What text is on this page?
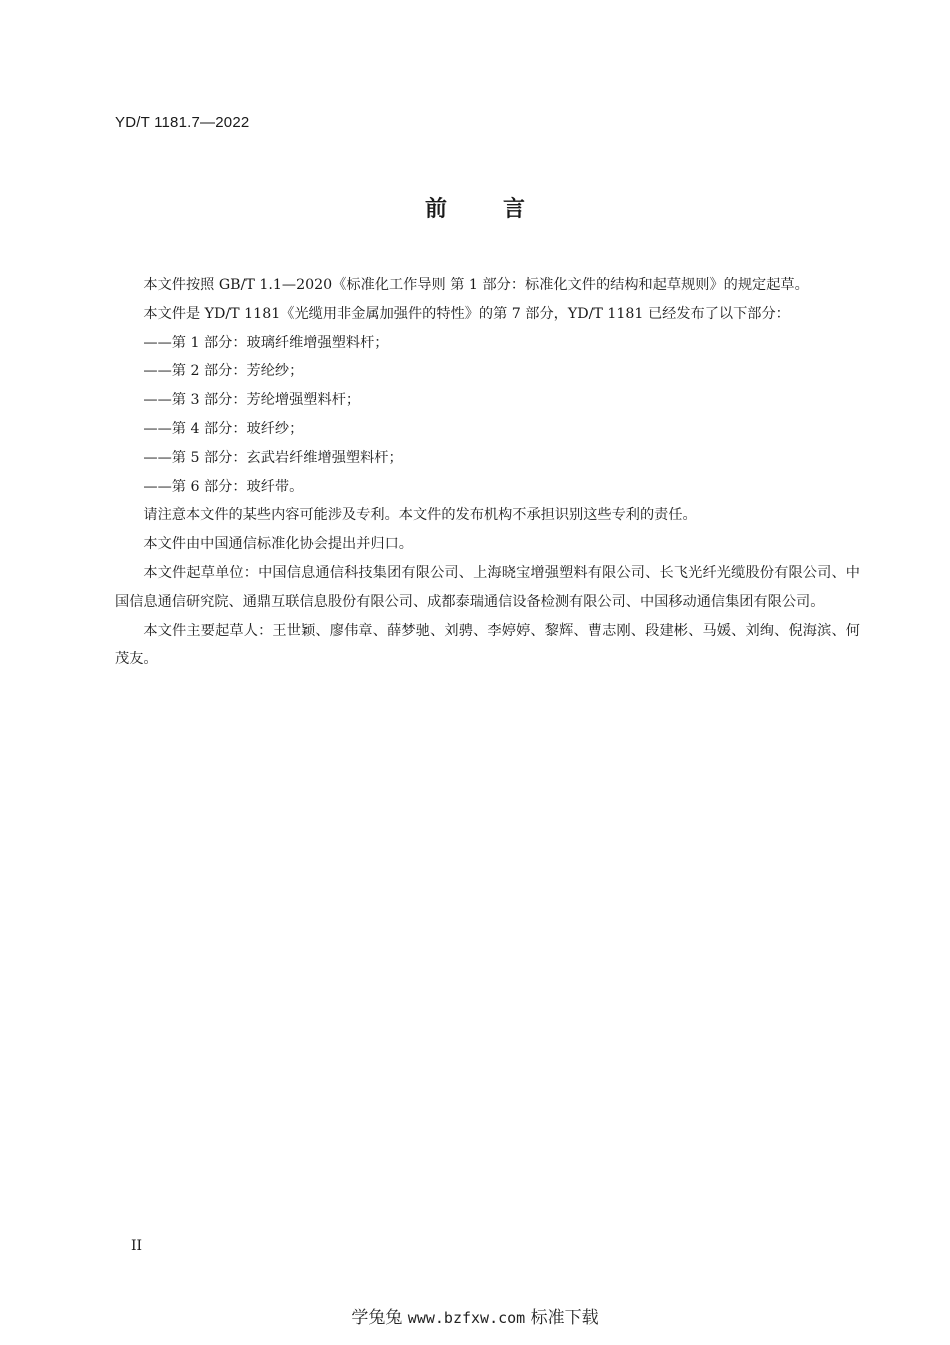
YD/T 1181.7—2022
前	言

本文件按照 GB/T 1.1—2020《标准化工作导则 第 1 部分：标准化文件的结构和起草规则》的规定起草。

本文件是 YD/T 1181《光缆用非金属加强件的特性》的第 7 部分，YD/T 1181 已经发布了以下部分：

——第 1 部分：玻璃纤维增强塑料杆；

——第 2 部分：芳纶纱；

——第 3 部分：芳纶增强塑料杆；

——第 4 部分：玻纤纱；

——第 5 部分：玄武岩纤维增强塑料杆；

——第 6 部分：玻纤带。

请注意本文件的某些内容可能涉及专利。本文件的发布机构不承担识别这些专利的责任。

本文件由中国通信标准化协会提出并归口。

本文件起草单位：中国信息通信科技集团有限公司、上海晓宝增强塑料有限公司、长飞光纤光缆股份有限公司、中国信息通信研究院、通鼎互联信息股份有限公司、成都泰瑞通信设备检测有限公司、中国移动通信集团有限公司。

本文件主要起草人：王世颖、廖伟章、薛梦驰、刘骋、李婷婷、黎辉、曹志刚、段建彬、马媛、刘绚、倪海滨、何茂友。

II
学兔兔 www.bzfxw.com 标准下载
